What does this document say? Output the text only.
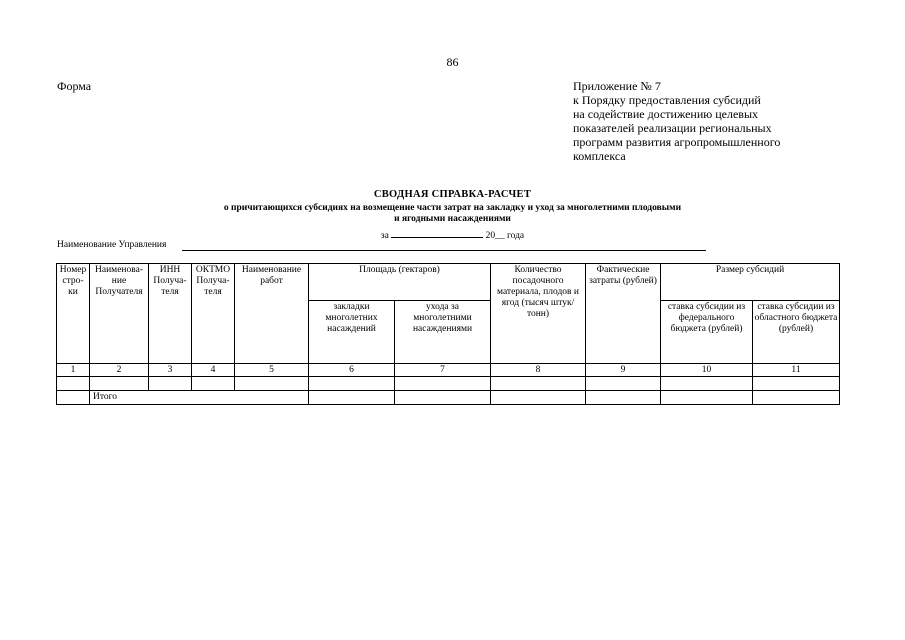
86
Форма	Приложение № 7
к Порядку предоставления субсидий
на содействие достижению целевых
показателей реализации региональных
программ развития агропромышленного
комплекса
СВОДНАЯ СПРАВКА-РАСЧЕТ
о причитающихся субсидиях на возмещение части затрат на закладку и уход за многолетними плодовыми
и ягодными насаждениями
за	20__ года
Наименование Управления
Номер стро- ки	Наименова- ние Получателя	ИНН Получа- теля	ОКТМО Получа- теля	Наименование работ	Площадь (гектаров)		Количество посадочного материала, плодов и ягод (тысяч штук/тонн)	Фактические затраты (рублей)	Размер субсидий	
					закладки многолетних насаждений	ухода за многолетними насаждениями			ставка субсидии из федерального бюджета (рублей)	ставка субсидии из областного бюджета (рублей)
1	2	3	4	5	6	7	8	9	10	11

	Итого									
